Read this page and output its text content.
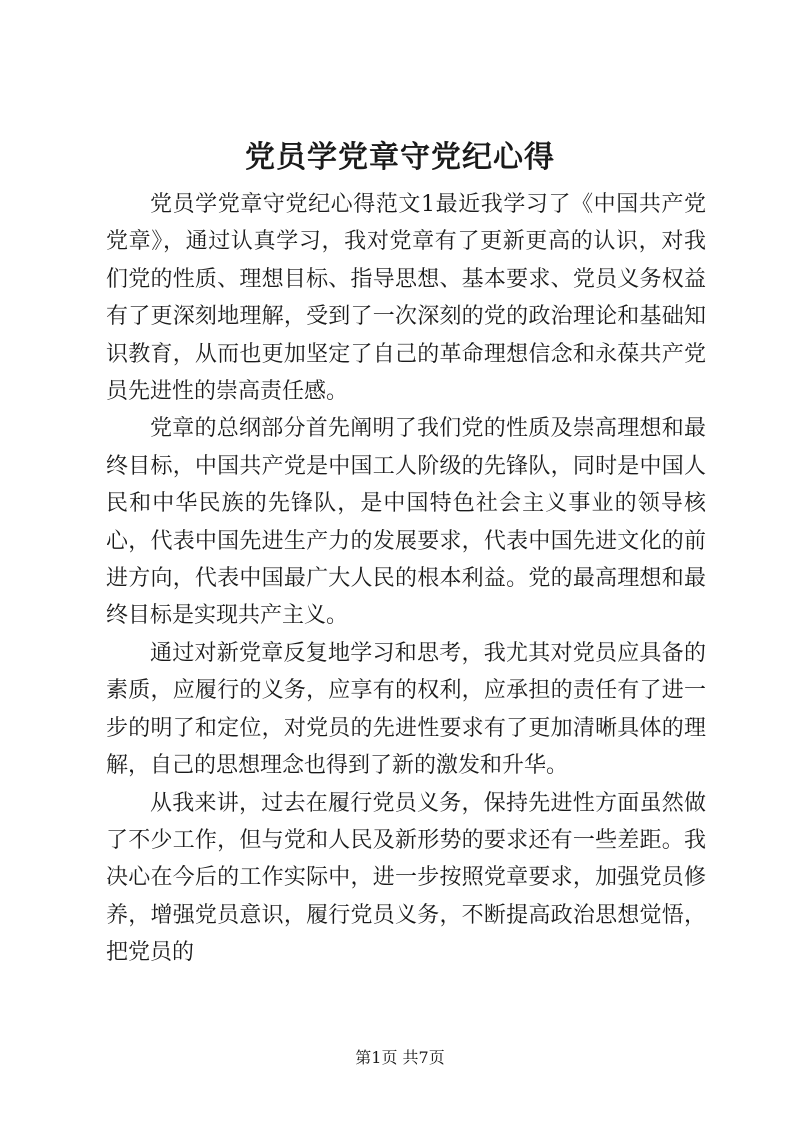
党员学党章守党纪心得

党员学党章守党纪心得范文1最近我学习了《中国共产党党章》，通过认真学习，我对党章有了更新更高的认识，对我们党的性质、理想目标、指导思想、基本要求、党员义务权益有了更深刻地理解，受到了一次深刻的党的政治理论和基础知识教育，从而也更加坚定了自己的革命理想信念和永葆共产党员先进性的崇高责任感。

党章的总纲部分首先阐明了我们党的性质及崇高理想和最终目标，中国共产党是中国工人阶级的先锋队，同时是中国人民和中华民族的先锋队，是中国特色社会主义事业的领导核心，代表中国先进生产力的发展要求，代表中国先进文化的前进方向，代表中国最广大人民的根本利益。党的最高理想和最终目标是实现共产主义。

通过对新党章反复地学习和思考，我尤其对党员应具备的素质，应履行的义务，应享有的权利，应承担的责任有了进一步的明了和定位，对党员的先进性要求有了更加清晰具体的理解，自己的思想理念也得到了新的激发和升华。

从我来讲，过去在履行党员义务，保持先进性方面虽然做了不少工作，但与党和人民及新形势的要求还有一些差距。我决心在今后的工作实际中，进一步按照党章要求，加强党员修养，增强党员意识，履行党员义务，不断提高政治思想觉悟，把党员的

第1页 共7页
